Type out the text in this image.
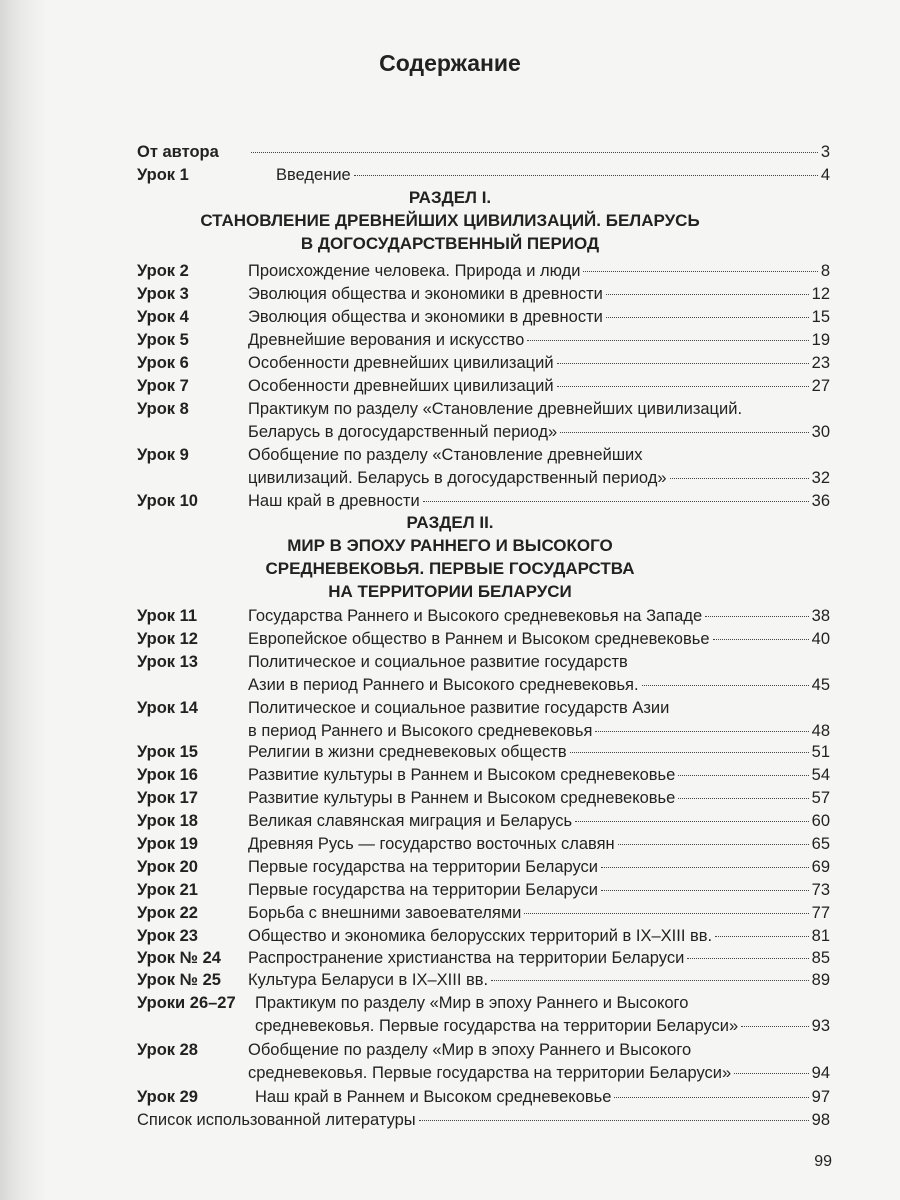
Содержание
От автора	3
Урок 1	Введение	4
РАЗДЕЛ I.
СТАНОВЛЕНИЕ ДРЕВНЕЙШИХ ЦИВИЛИЗАЦИЙ. БЕЛАРУСЬ
В ДОГОСУДАРСТВЕННЫЙ ПЕРИОД
Урок 2	Происхождение человека. Природа и люди	8
Урок 3	Эволюция общества и экономики в древности	12
Урок 4	Эволюция общества и экономики в древности	15
Урок 5	Древнейшие верования и искусство	19
Урок 6	Особенности древнейших цивилизаций	23
Урок 7	Особенности древнейших цивилизаций	27
Урок 8	Практикум по разделу «Становление древнейших цивилизаций.
Беларусь в догосударственный период»	30
Урок 9	Обобщение по разделу «Становление древнейших
цивилизаций. Беларусь в догосударственный период»	32
Урок 10	Наш край в древности	36
РАЗДЕЛ II.
МИР В ЭПОХУ РАННЕГО И ВЫСОКОГО
СРЕДНЕВЕКОВЬЯ. ПЕРВЫЕ ГОСУДАРСТВА
НА ТЕРРИТОРИИ БЕЛАРУСИ
Урок 11	Государства Раннего и Высокого средневековья на Западе	38
Урок 12	Европейское общество в Раннем и Высоком средневековье	40
Урок 13	Политическое и социальное развитие государств
Азии в период Раннего и Высокого средневековья.	45
Урок 14	Политическое и социальное развитие государств Азии
в период Раннего и Высокого средневековья	48
Урок 15	Религии в жизни средневековых обществ	51
Урок 16	Развитие культуры в Раннем и Высоком средневековье	54
Урок 17	Развитие культуры в Раннем и Высоком средневековье	57
Урок 18	Великая славянская миграция и Беларусь	60
Урок 19	Древняя Русь — государство восточных славян	65
Урок 20	Первые государства на территории Беларуси	69
Урок 21	Первые государства на территории Беларуси	73
Урок 22	Борьба с внешними завоевателями	77
Урок 23	Общество и экономика белорусских территорий в IX–XIII вв.	81
Урок № 24 Распространение христианства на территории Беларуси	85
Урок № 25 Культура Беларуси в IX–XIII вв.	89
Уроки 26–27 Практикум по разделу «Мир в эпоху Раннего и Высокого
средневековья. Первые государства на территории Беларуси»	93
Урок 28	Обобщение по разделу «Мир в эпоху Раннего и Высокого
средневековья. Первые государства на территории Беларуси»	94
Урок 29	Наш край в Раннем и Высоком средневековье	97
Список использованной литературы	98
99
